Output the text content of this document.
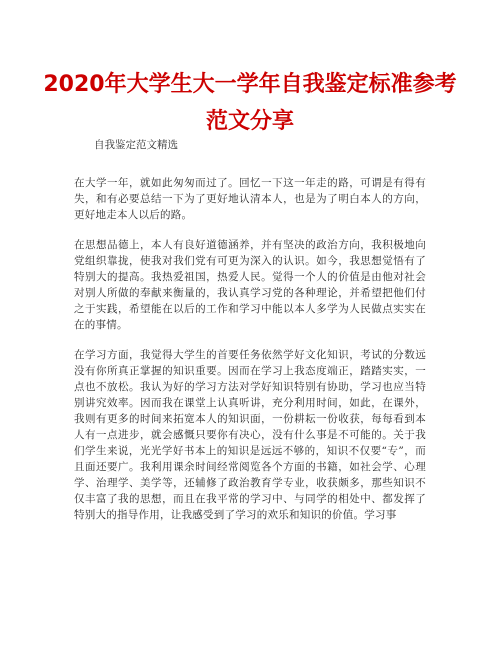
2020年大学生大一学年自我鉴定标准参考
范文分享

自我鉴定范文精选

在大学一年，就如此匆匆而过了。回忆一下这一年走的路，可谓是有得有失，和有必要总结一下为了更好地认清本人，也是为了明白本人的方向，更好地走本人以后的路。

在思想品德上，本人有良好道德涵养，并有坚决的政治方向，我积极地向党组织靠拢，使我对我们党有可更为深入的认识。如今，我思想觉悟有了特别大的提高。我热爱祖国，热爱人民。觉得一个人的价值是由他对社会对别人所做的奉献来衡量的，我认真学习党的各种理论，并希望把他们付之于实践，希望能在以后的工作和学习中能以本人多学为人民做点实实在在的事情。

在学习方面，我觉得大学生的首要任务依然学好文化知识，考试的分数远没有你所真正掌握的知识重要。因而在学习上我态度端正，踏踏实实，一点也不放松。我认为好的学习方法对学好知识特别有协助，学习也应当特别讲究效率。因而我在课堂上认真听讲，充分利用时间，如此，在课外，我则有更多的时间来拓宽本人的知识面，一份耕耘一份收获，每每看到本人有一点进步，就会感慨只要你有决心，没有什么事是不可能的。关于我们学生来说，光光学好书本上的知识是远远不够的，知识不仅要“专”，而且面还要广。我利用课余时间经常阅览各个方面的书籍，如社会学、心理学、治理学、美学等，还辅修了政治教育学专业，收获颇多，那些知识不仅丰富了我的思想，而且在我平常的学习中、与同学的相处中、都发挥了特别大的指导作用，让我感受到了学习的欢乐和知识的价值。学习事
